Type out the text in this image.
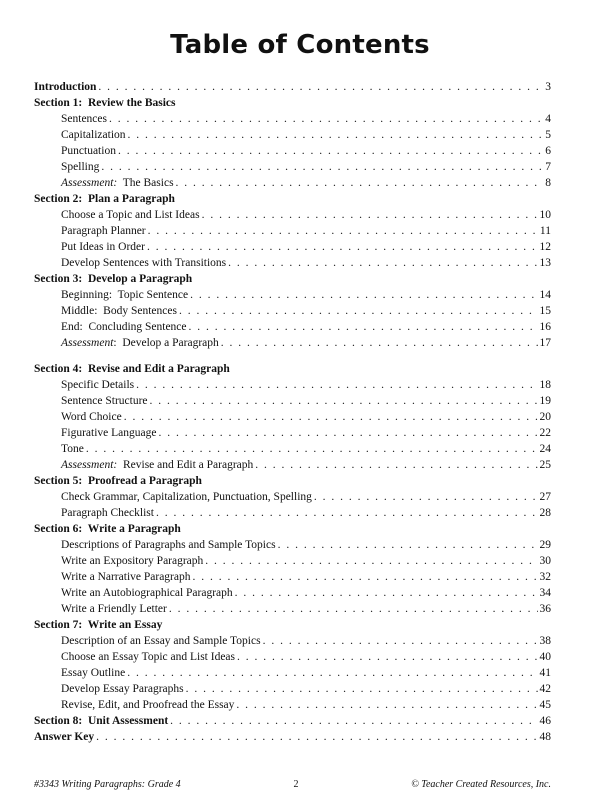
Table of Contents
Introduction . . .	3
Section 1:  Review the Basics
Sentences . . .	4
Capitalization . . .	5
Punctuation . . .	6
Spelling . . .	7
Assessment:  The Basics . . .	8
Section 2:  Plan a Paragraph
Choose a Topic and List Ideas . . .	10
Paragraph Planner . . .	11
Put Ideas in Order . . .	12
Develop Sentences with Transitions . . .	13
Section 3:  Develop a Paragraph
Beginning:  Topic Sentence . . .	14
Middle:  Body Sentences . . .	15
End:  Concluding Sentence . . .	16
Assessment:  Develop a Paragraph . . .	17
Section 4:  Revise and Edit a Paragraph
Specific Details . . .	18
Sentence Structure . . .	19
Word Choice . . .	20
Figurative Language . . .	22
Tone . . .	24
Assessment:  Revise and Edit a Paragraph . . .	25
Section 5:  Proofread a Paragraph
Check Grammar, Capitalization, Punctuation, Spelling . . .	27
Paragraph Checklist . . .	28
Section 6:  Write a Paragraph
Descriptions of Paragraphs and Sample Topics . . .	29
Write an Expository Paragraph . . .	30
Write a Narrative Paragraph . . .	32
Write an Autobiographical Paragraph . . .	34
Write a Friendly Letter . . .	36
Section 7:  Write an Essay
Description of an Essay and Sample Topics . . .	38
Choose an Essay Topic and List Ideas . . .	40
Essay Outline . . .	41
Develop Essay Paragraphs . . .	42
Revise, Edit, and Proofread the Essay . . .	45
Section 8:  Unit Assessment . . .	46
Answer Key . . .	48
#3343 Writing Paragraphs: Grade 4	2	© Teacher Created Resources, Inc.
